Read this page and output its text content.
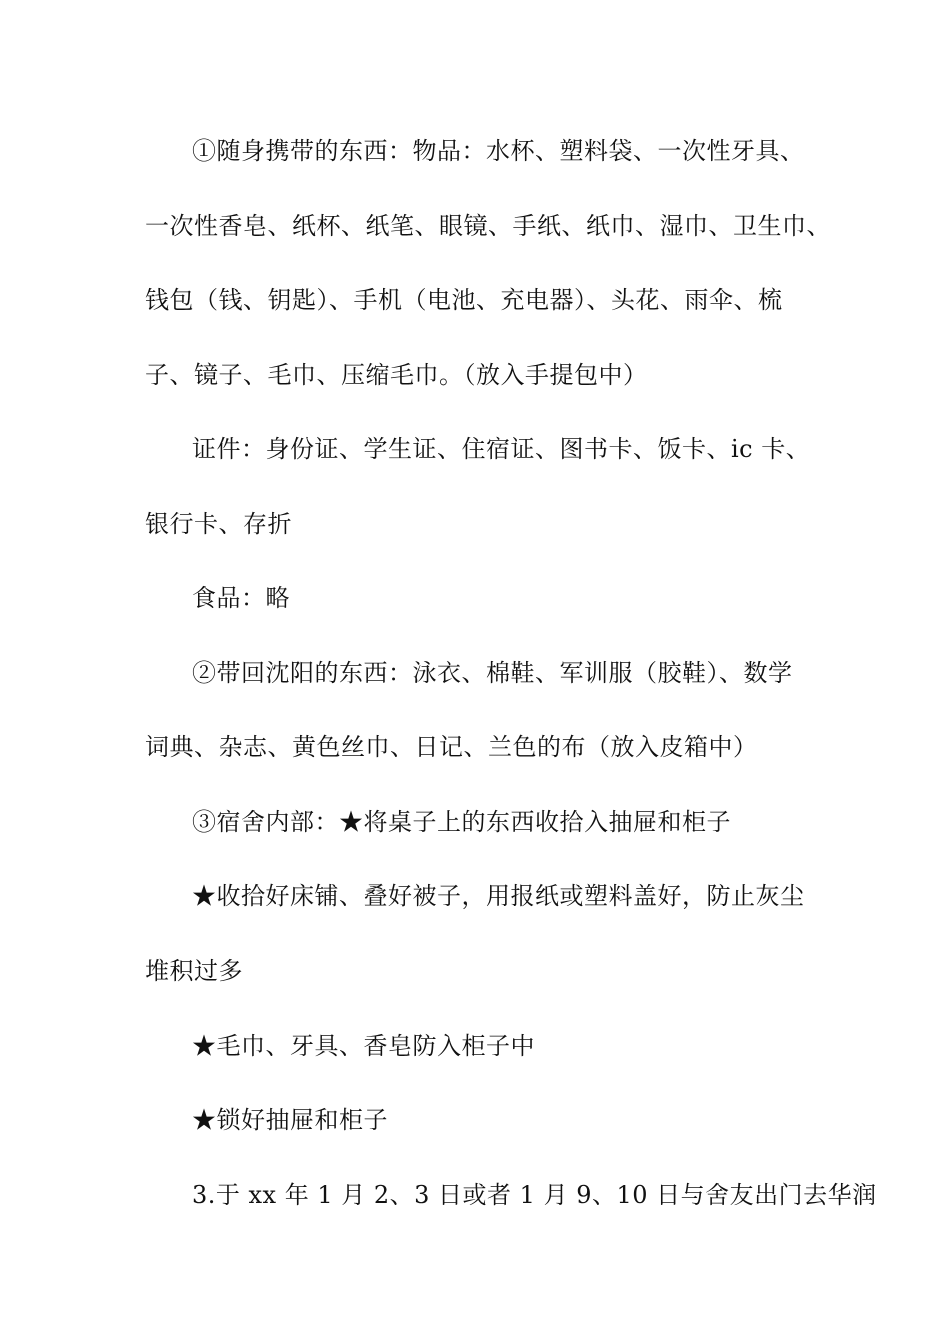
①随身携带的东西：物品：水杯、塑料袋、一次性牙具、
一次性香皂、纸杯、纸笔、眼镜、手纸、纸巾、湿巾、卫生巾、
钱包（钱、钥匙）、手机（电池、充电器）、头花、雨伞、梳
子、镜子、毛巾、压缩毛巾。（放入手提包中）
证件：身份证、学生证、住宿证、图书卡、饭卡、ic 卡、
银行卡、存折
食品：略
②带回沈阳的东西：泳衣、棉鞋、军训服（胶鞋）、数学
词典、杂志、黄色丝巾、日记、兰色的布（放入皮箱中）
③宿舍内部：★将桌子上的东西收拾入抽屉和柜子
★收拾好床铺、叠好被子，用报纸或塑料盖好，防止灰尘
堆积过多
★毛巾、牙具、香皂防入柜子中
★锁好抽屉和柜子
3.于 xx 年 1 月 2、3 日或者 1 月 9、10 日与舍友出门去华润
